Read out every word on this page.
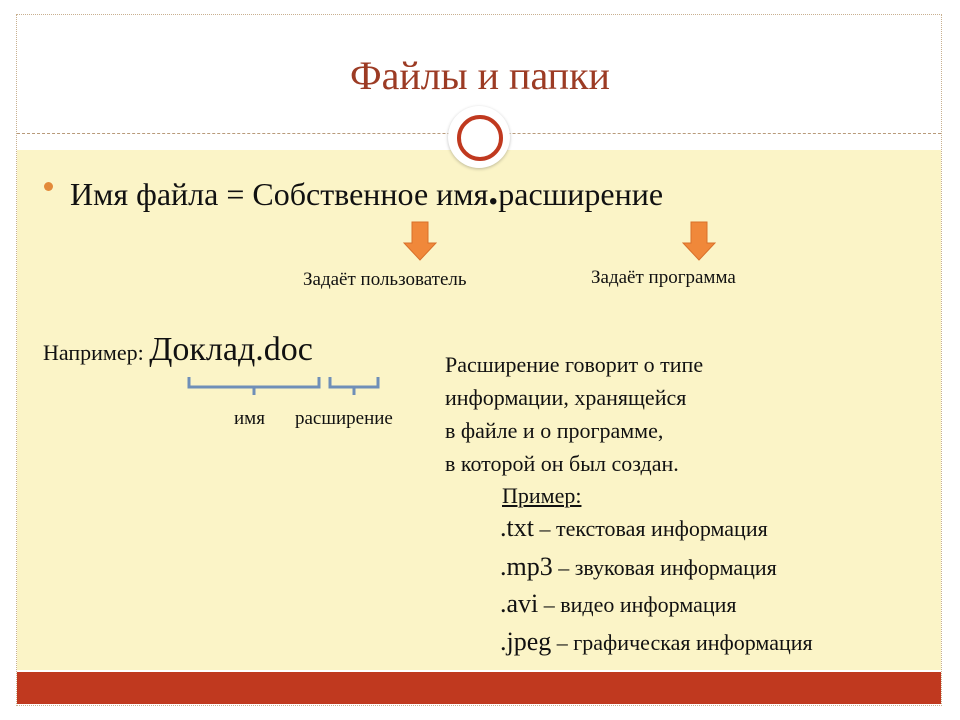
Файлы и папки
Имя файла = Собственное имя.расширение
Задаёт пользователь	Задаёт программа
Например: Доклад.doc
имя расширение
Расширение говорит о типе
информации, хранящейся
в файле и о программе,
в которой он был создан.
Пример:
.txt – текстовая информация
.mp3 – звуковая информация
.avi – видео информация
.jpeg – графическая информация
